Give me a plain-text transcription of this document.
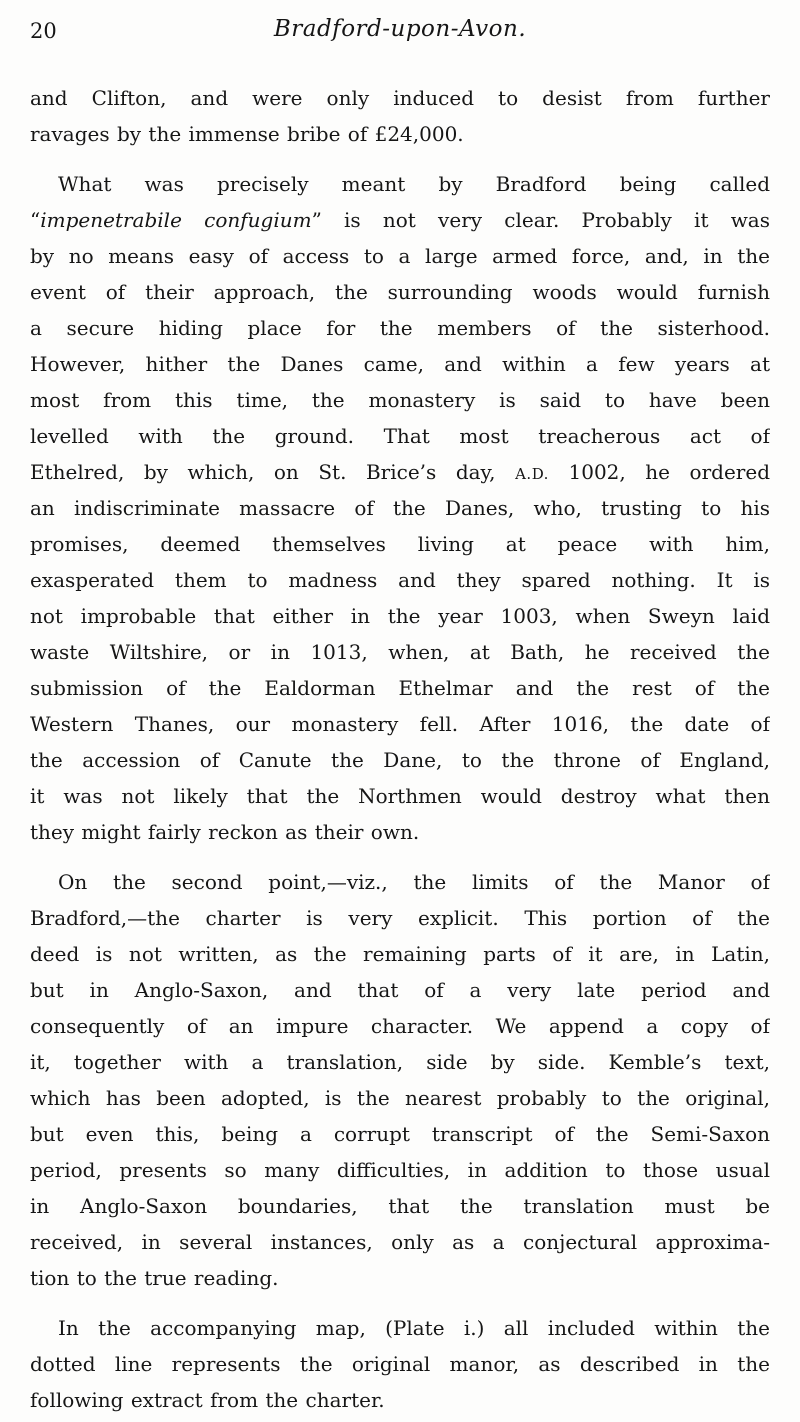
20	Bradford-upon-Avon.
and Clifton, and were only induced to desist from further
ravages by the immense bribe of £24,000.
What was precisely meant by Bradford being called
“impenetrabile confugium” is not very clear. Probably it was
by no means easy of access to a large armed force, and, in the
event of their approach, the surrounding woods would furnish
a secure hiding place for the members of the sisterhood.
However, hither the Danes came, and within a few years at
most from this time, the monastery is said to have been
levelled with the ground. That most treacherous act of
Ethelred, by which, on St. Brice’s day, A.D. 1002, he ordered
an indiscriminate massacre of the Danes, who, trusting to his
promises, deemed themselves living at peace with him,
exasperated them to madness and they spared nothing. It is
not improbable that either in the year 1003, when Sweyn laid
waste Wiltshire, or in 1013, when, at Bath, he received the
submission of the Ealdorman Ethelmar and the rest of the
Western Thanes, our monastery fell. After 1016, the date of
the accession of Canute the Dane, to the throne of England,
it was not likely that the Northmen would destroy what then
they might fairly reckon as their own.
On the second point,—viz., the limits of the Manor of
Bradford,—the charter is very explicit. This portion of the
deed is not written, as the remaining parts of it are, in Latin,
but in Anglo-Saxon, and that of a very late period and
consequently of an impure character. We append a copy of
it, together with a translation, side by side. Kemble’s text,
which has been adopted, is the nearest probably to the original,
but even this, being a corrupt transcript of the Semi-Saxon
period, presents so many difficulties, in addition to those usual
in Anglo-Saxon boundaries, that the translation must be
received, in several instances, only as a conjectural approxima-
tion to the true reading.
In the accompanying map, (Plate i.) all included within the
dotted line represents the original manor, as described in the
following extract from the charter.
